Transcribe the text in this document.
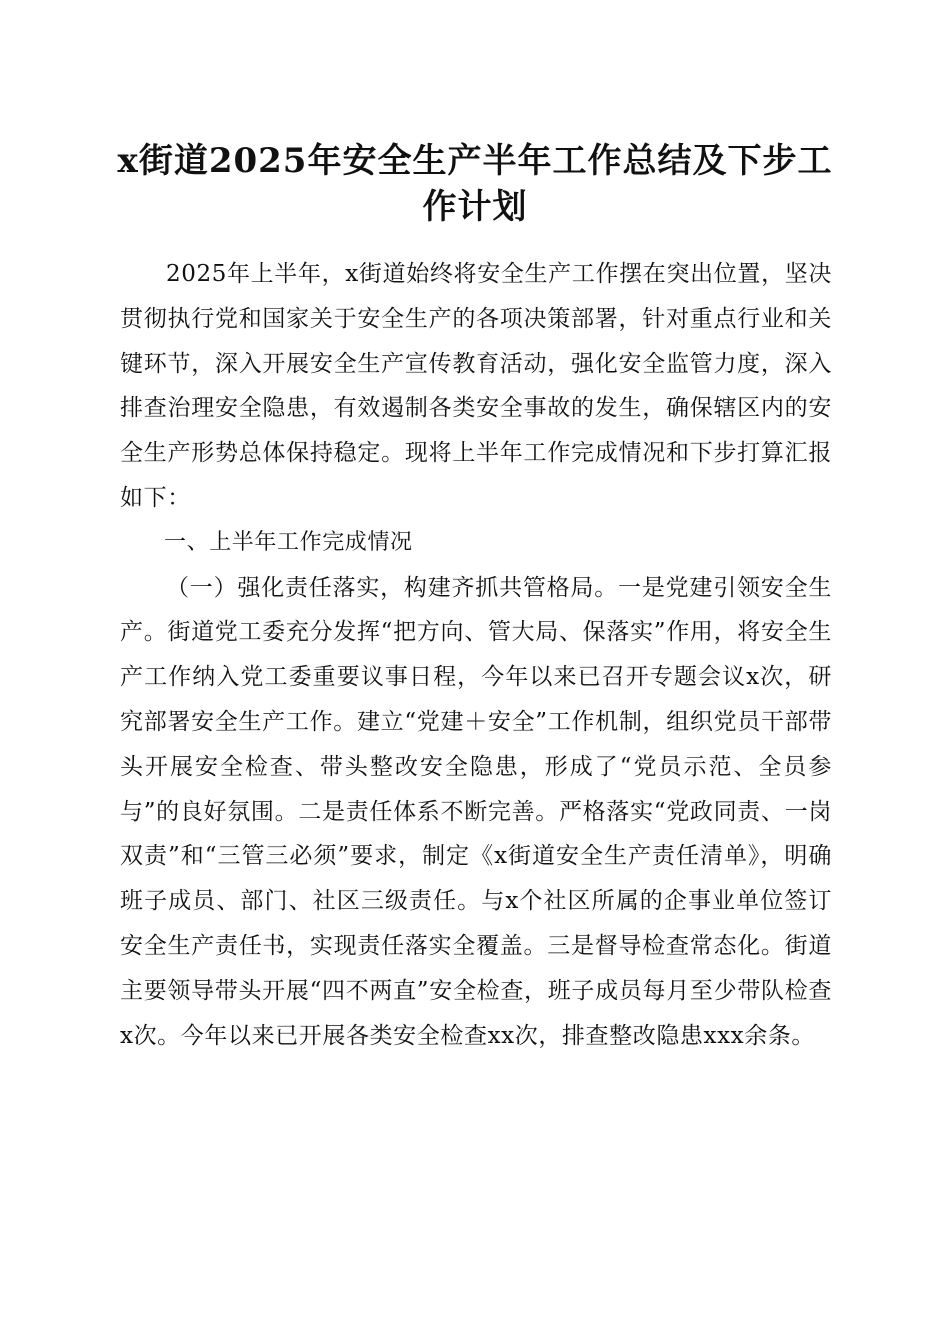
x街道2025年安全生产半年工作总结及下步工作计划

2025年上半年，x街道始终将安全生产工作摆在突出位置，坚决贯彻执行党和国家关于安全生产的各项决策部署，针对重点行业和关键环节，深入开展安全生产宣传教育活动，强化安全监管力度，深入排查治理安全隐患，有效遏制各类安全事故的发生，确保辖区内的安全生产形势总体保持稳定。现将上半年工作完成情况和下步打算汇报如下：

一、上半年工作完成情况

（一）强化责任落实，构建齐抓共管格局。一是党建引领安全生产。街道党工委充分发挥“把方向、管大局、保落实”作用，将安全生产工作纳入党工委重要议事日程，今年以来已召开专题会议x次，研究部署安全生产工作。建立“党建＋安全”工作机制，组织党员干部带头开展安全检查、带头整改安全隐患，形成了“党员示范、全员参与”的良好氛围。二是责任体系不断完善。严格落实“党政同责、一岗双责”和“三管三必须”要求，制定《x街道安全生产责任清单》，明确班子成员、部门、社区三级责任。与x个社区所属的企事业单位签订安全生产责任书，实现责任落实全覆盖。三是督导检查常态化。街道主要领导带头开展“四不两直”安全检查，班子成员每月至少带队检查x次。今年以来已开展各类安全检查xx次，排查整改隐患xxx余条。
